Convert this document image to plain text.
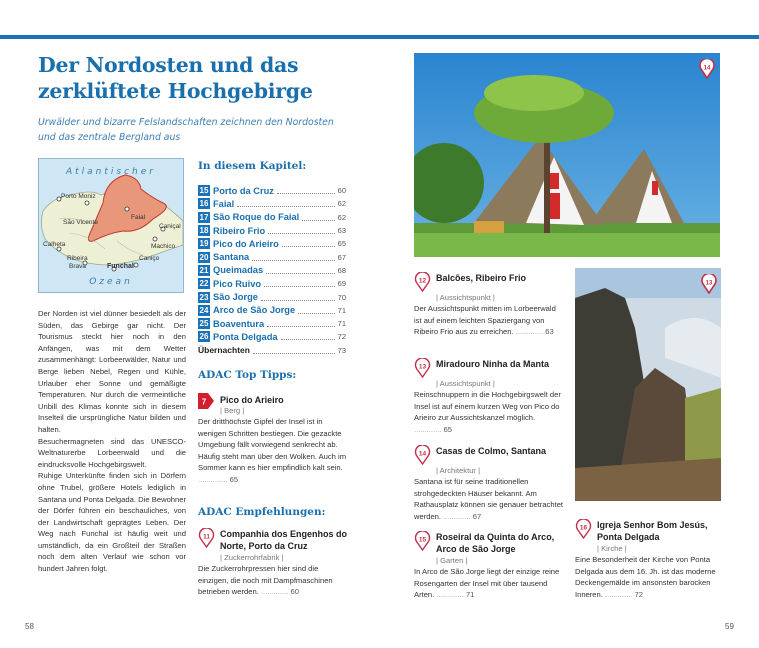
Der Nordosten und das
zerklüftete Hochgebirge
Urwälder und bizarre Felslandschaften zeichnen den Nordosten und das zentrale Bergland aus
Atlantischer
Porto Moniz
São Vicente
Faial
Caniçal
Calheta	Machico
Ribeira
Brava	Funchal
Caniço
Ozean

Der Norden ist viel dünner besiedelt als der Süden, das Gebirge gar nicht. Der Tourismus steckt hier noch in den Anfängen, was mit dem Wetter zusammenhängt: Lorbeerwälder, Natur und Berge lieben Nebel, Regen und Kühle, Urlauber eher Sonne und gemäßigte Temperaturen. Nur durch die vermeintliche Unbill des Klimas konnte sich in diesem Inselteil die ursprüngliche Natur bilden und halten.

Besuchermagneten sind das UNESCO-Weltnaturerbe Lorbeerwald und die eindrucksvolle Hochgebirgswelt.

Ruhige Unterkünfte finden sich in Dörfern ohne Trubel, größere Hotels lediglich in Santana und Ponta Delgada. Die Bewohner der Dörfer führen ein beschauliches, von der Landwirtschaft geprägtes Leben. Der Weg nach Funchal ist häufig weit und umständlich, da ein Großteil der Straßen noch dem alten Verlauf wie schon vor hundert Jahren folgt.

In diesem Kapitel:
15 Porto da Cruz	60
16 Faial	62
17 São Roque do Faial	62
18 Ribeiro Frio	63
19 Pico do Arieiro	65
20 Santana	67
21 Queimadas	68
22 Pico Ruivo	69
23 São Jorge	70
24 Arco de São Jorge	71
25 Boaventura	71
26 Ponta Delgada	72
Übernachten	73
ADAC Top Tipps:
7 Pico do Arieiro
| Berg |
Der dritthöchste Gipfel der Insel ist in wenigen Schritten bestiegen. Die gezackte Umgebung fällt vorwiegend senkrecht ab. Häufig steht man über den Wolken. Auch im Sommer kann es hier empfindlich kalt sein. .............. 65
ADAC Empfehlungen:
11 Companhia dos Engenhos do Norte, Porto da Cruz
| Zuckerrohrfabrik |
Die Zuckerrohrpressen hier sind die einzigen, die noch mit Dampfmaschinen betrieben werden. ............. 60
12 Balcões, Ribeiro Frio
| Aussichtspunkt |
Der Aussichtspunkt mitten im Lorbeerwald ist auf einem leichten Spaziergang von Ribeiro Frio aus zu erreichen. ............. 63
13 Miradouro Ninha da Manta
| Aussichtspunkt |
Reinschnuppern in die Hochgebirgswelt der Insel ist auf einem kurzen Weg von Pico do Arieiro zur Aussichtskanzel möglich. ............. 65
14 Casas de Colmo, Santana
| Architektur |
Santana ist für seine traditionellen strohgedeckten Häuser bekannt. Am Rathausplatz können sie genauer betrachtet werden. ............. 67
15 Roseiral da Quinta do Arco, Arco de São Jorge
| Garten |
In Arco de São Jorge liegt der einzige reine Rosengarten der Insel mit über tausend Arten. ............. 71
16 Igreja Senhor Bom Jesús, Ponta Delgada
| Kirche |
Eine Besonderheit der Kirche von Ponta Delgada aus dem 16. Jh. ist das moderne Deckengemälde im ansonsten barocken Inneren. ............. 72
14
13
58	59
